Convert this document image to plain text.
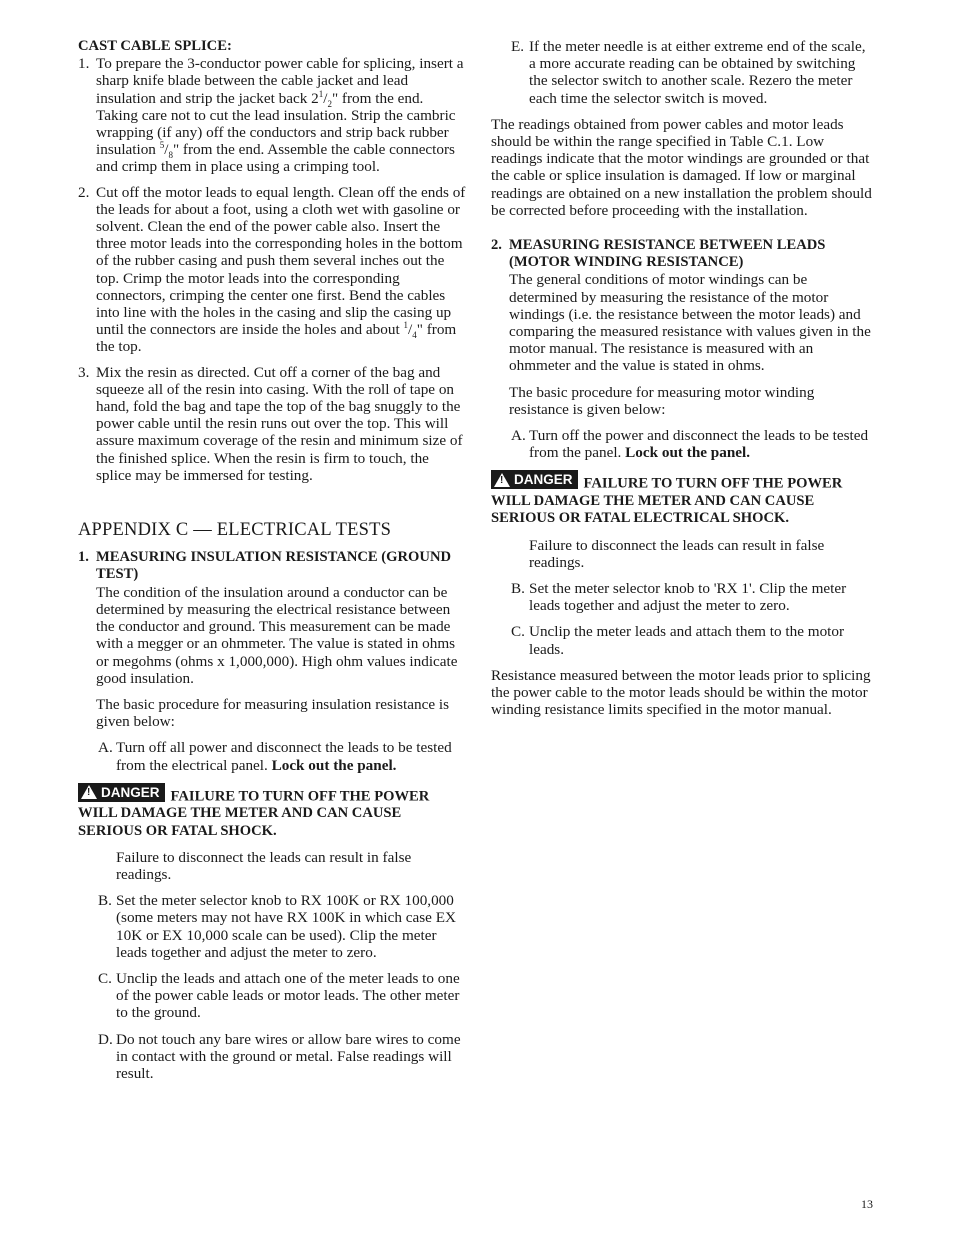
CAST CABLE SPLICE:

1. To prepare the 3-conductor power cable for splicing, insert a sharp knife blade between the cable jacket and lead insulation and strip the jacket back $2^1/_2$" from the end. Taking care not to cut the lead insulation. Strip the cambric wrapping (if any) off the conductors and strip back rubber insulation $^5/_8$" from the end. Assemble the cable connectors and crimp them in place using a crimping tool.
2. Cut off the motor leads to equal length. Clean off the ends of the leads for about a foot, using a cloth wet with gasoline or solvent. Clean the end of the power cable also. Insert the three motor leads into the corresponding holes in the bottom of the rubber casing and push them several inches out the top. Crimp the motor leads into the corresponding connectors, crimping the center one first. Bend the cables into line with the holes in the casing and slip the casing up until the connectors are inside the holes and about $^1/_4$" from the top.
3. Mix the resin as directed. Cut off a corner of the bag and squeeze all of the resin into casing. With the roll of tape on hand, fold the bag and tape the top of the bag snuggly to the power cable until the resin runs out over the top. This will assure maximum coverage of the resin and minimum size of the finished splice. When the resin is firm to touch, the splice may be immersed for testing.
APPENDIX C — ELECTRICAL TESTS
1. MEASURING INSULATION RESISTANCE (GROUND TEST)

The condition of the insulation around a conductor can be determined by measuring the electrical resistance between the conductor and ground. This measurement can be made with a megger or an ohmmeter. The value is stated in ohms or megohms (ohms x 1,000,000). High ohm values indicate good insulation.

The basic procedure for measuring insulation resistance is given below:

A. Turn off all power and disconnect the leads to be tested from the electrical panel. Lock out the panel.
! DANGER FAILURE TO TURN OFF THE POWER WILL DAMAGE THE METER AND CAN CAUSE SERIOUS OR FATAL SHOCK.

Failure to disconnect the leads can result in false readings.

B. Set the meter selector knob to RX 100K or RX 100,000 (some meters may not have RX 100K in which case EX 10K or EX 10,000 scale can be used). Clip the meter leads together and adjust the meter to zero.
C. Unclip the leads and attach one of the meter leads to one of the power cable leads or motor leads. The other meter to the ground.
D. Do not touch any bare wires or allow bare wires to come in contact with the ground or metal. False readings will result.
E. If the meter needle is at either extreme end of the scale, a more accurate reading can be obtained by switching the selector switch to another scale. Rezero the meter each time the selector switch is moved.

The readings obtained from power cables and motor leads should be within the range specified in Table C.1. Low readings indicate that the motor windings are grounded or that the cable or splice insulation is damaged. If low or marginal readings are obtained on a new installation the problem should be corrected before proceeding with the installation.

2. MEASURING RESISTANCE BETWEEN LEADS (MOTOR WINDING RESISTANCE)

The general conditions of motor windings can be determined by measuring the resistance of the motor windings (i.e. the resistance between the motor leads) and comparing the measured resistance with values given in the motor manual. The resistance is measured with an ohmmeter and the value is stated in ohms.

The basic procedure for measuring motor winding resistance is given below:

A. Turn off the power and disconnect the leads to be tested from the panel. Lock out the panel.
! DANGER FAILURE TO TURN OFF THE POWER WILL DAMAGE THE METER AND CAN CAUSE SERIOUS OR FATAL ELECTRICAL SHOCK.

Failure to disconnect the leads can result in false readings.

B. Set the meter selector knob to 'RX 1'. Clip the meter leads together and adjust the meter to zero.
C. Unclip the meter leads and attach them to the motor leads.

Resistance measured between the motor leads prior to splicing the power cable to the motor leads should be within the motor winding resistance limits specified in the motor manual.

13
